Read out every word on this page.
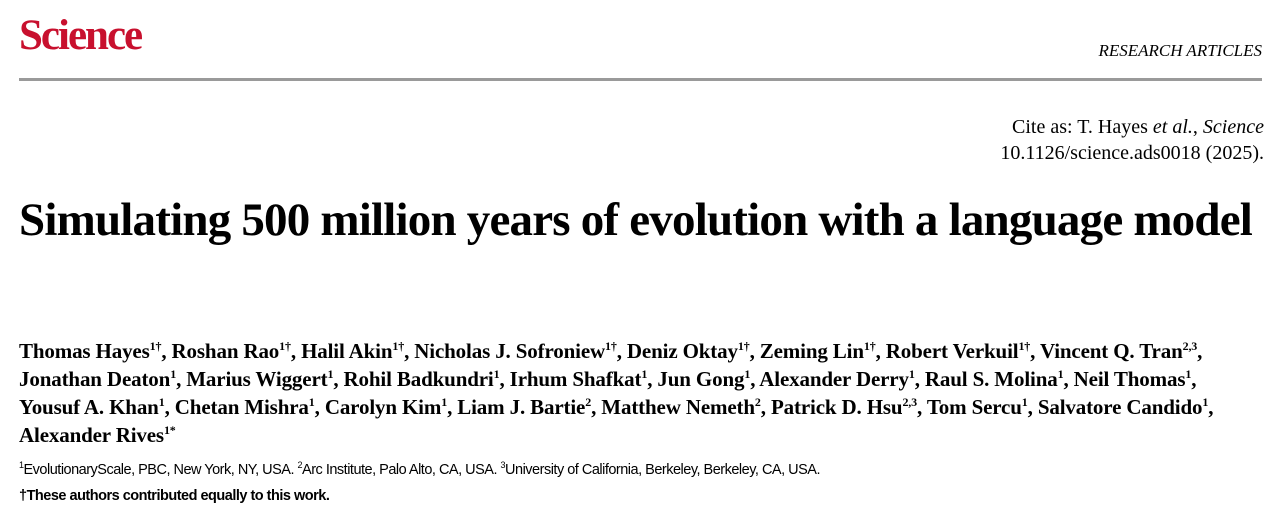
Science	RESEARCH ARTICLES
Cite as: T. Hayes et al., Science
10.1126/science.ads0018 (2025).
Simulating 500 million years of evolution with a language model
Thomas Hayes$^{1\dagger}$, Roshan Rao$^{1\dagger}$, Halil Akin$^{1\dagger}$, Nicholas J. Sofroniew$^{1\dagger}$, Deniz Oktay$^{1\dagger}$, Zeming Lin$^{1\dagger}$, Robert Verkuil$^{1\dagger}$, Vincent Q. Tran$^{2,3}$, Jonathan Deaton$^1$, Marius Wiggert$^1$, Rohil Badkundri$^1$, Irhum Shafkat$^1$, Jun Gong$^1$, Alexander Derry$^1$, Raul S. Molina$^1$, Neil Thomas$^1$, Yousuf A. Khan$^1$, Chetan Mishra$^1$, Carolyn Kim$^1$, Liam J. Bartie$^2$, Matthew Nemeth$^2$, Patrick D. Hsu$^{2,3}$, Tom Sercu$^1$, Salvatore Candido$^1$, Alexander Rives$^{1*}$
$^1$EvolutionaryScale, PBC, New York, NY, USA. $^2$Arc Institute, Palo Alto, CA, USA. $^3$University of California, Berkeley, Berkeley, CA, USA.
†These authors contributed equally to this work.
